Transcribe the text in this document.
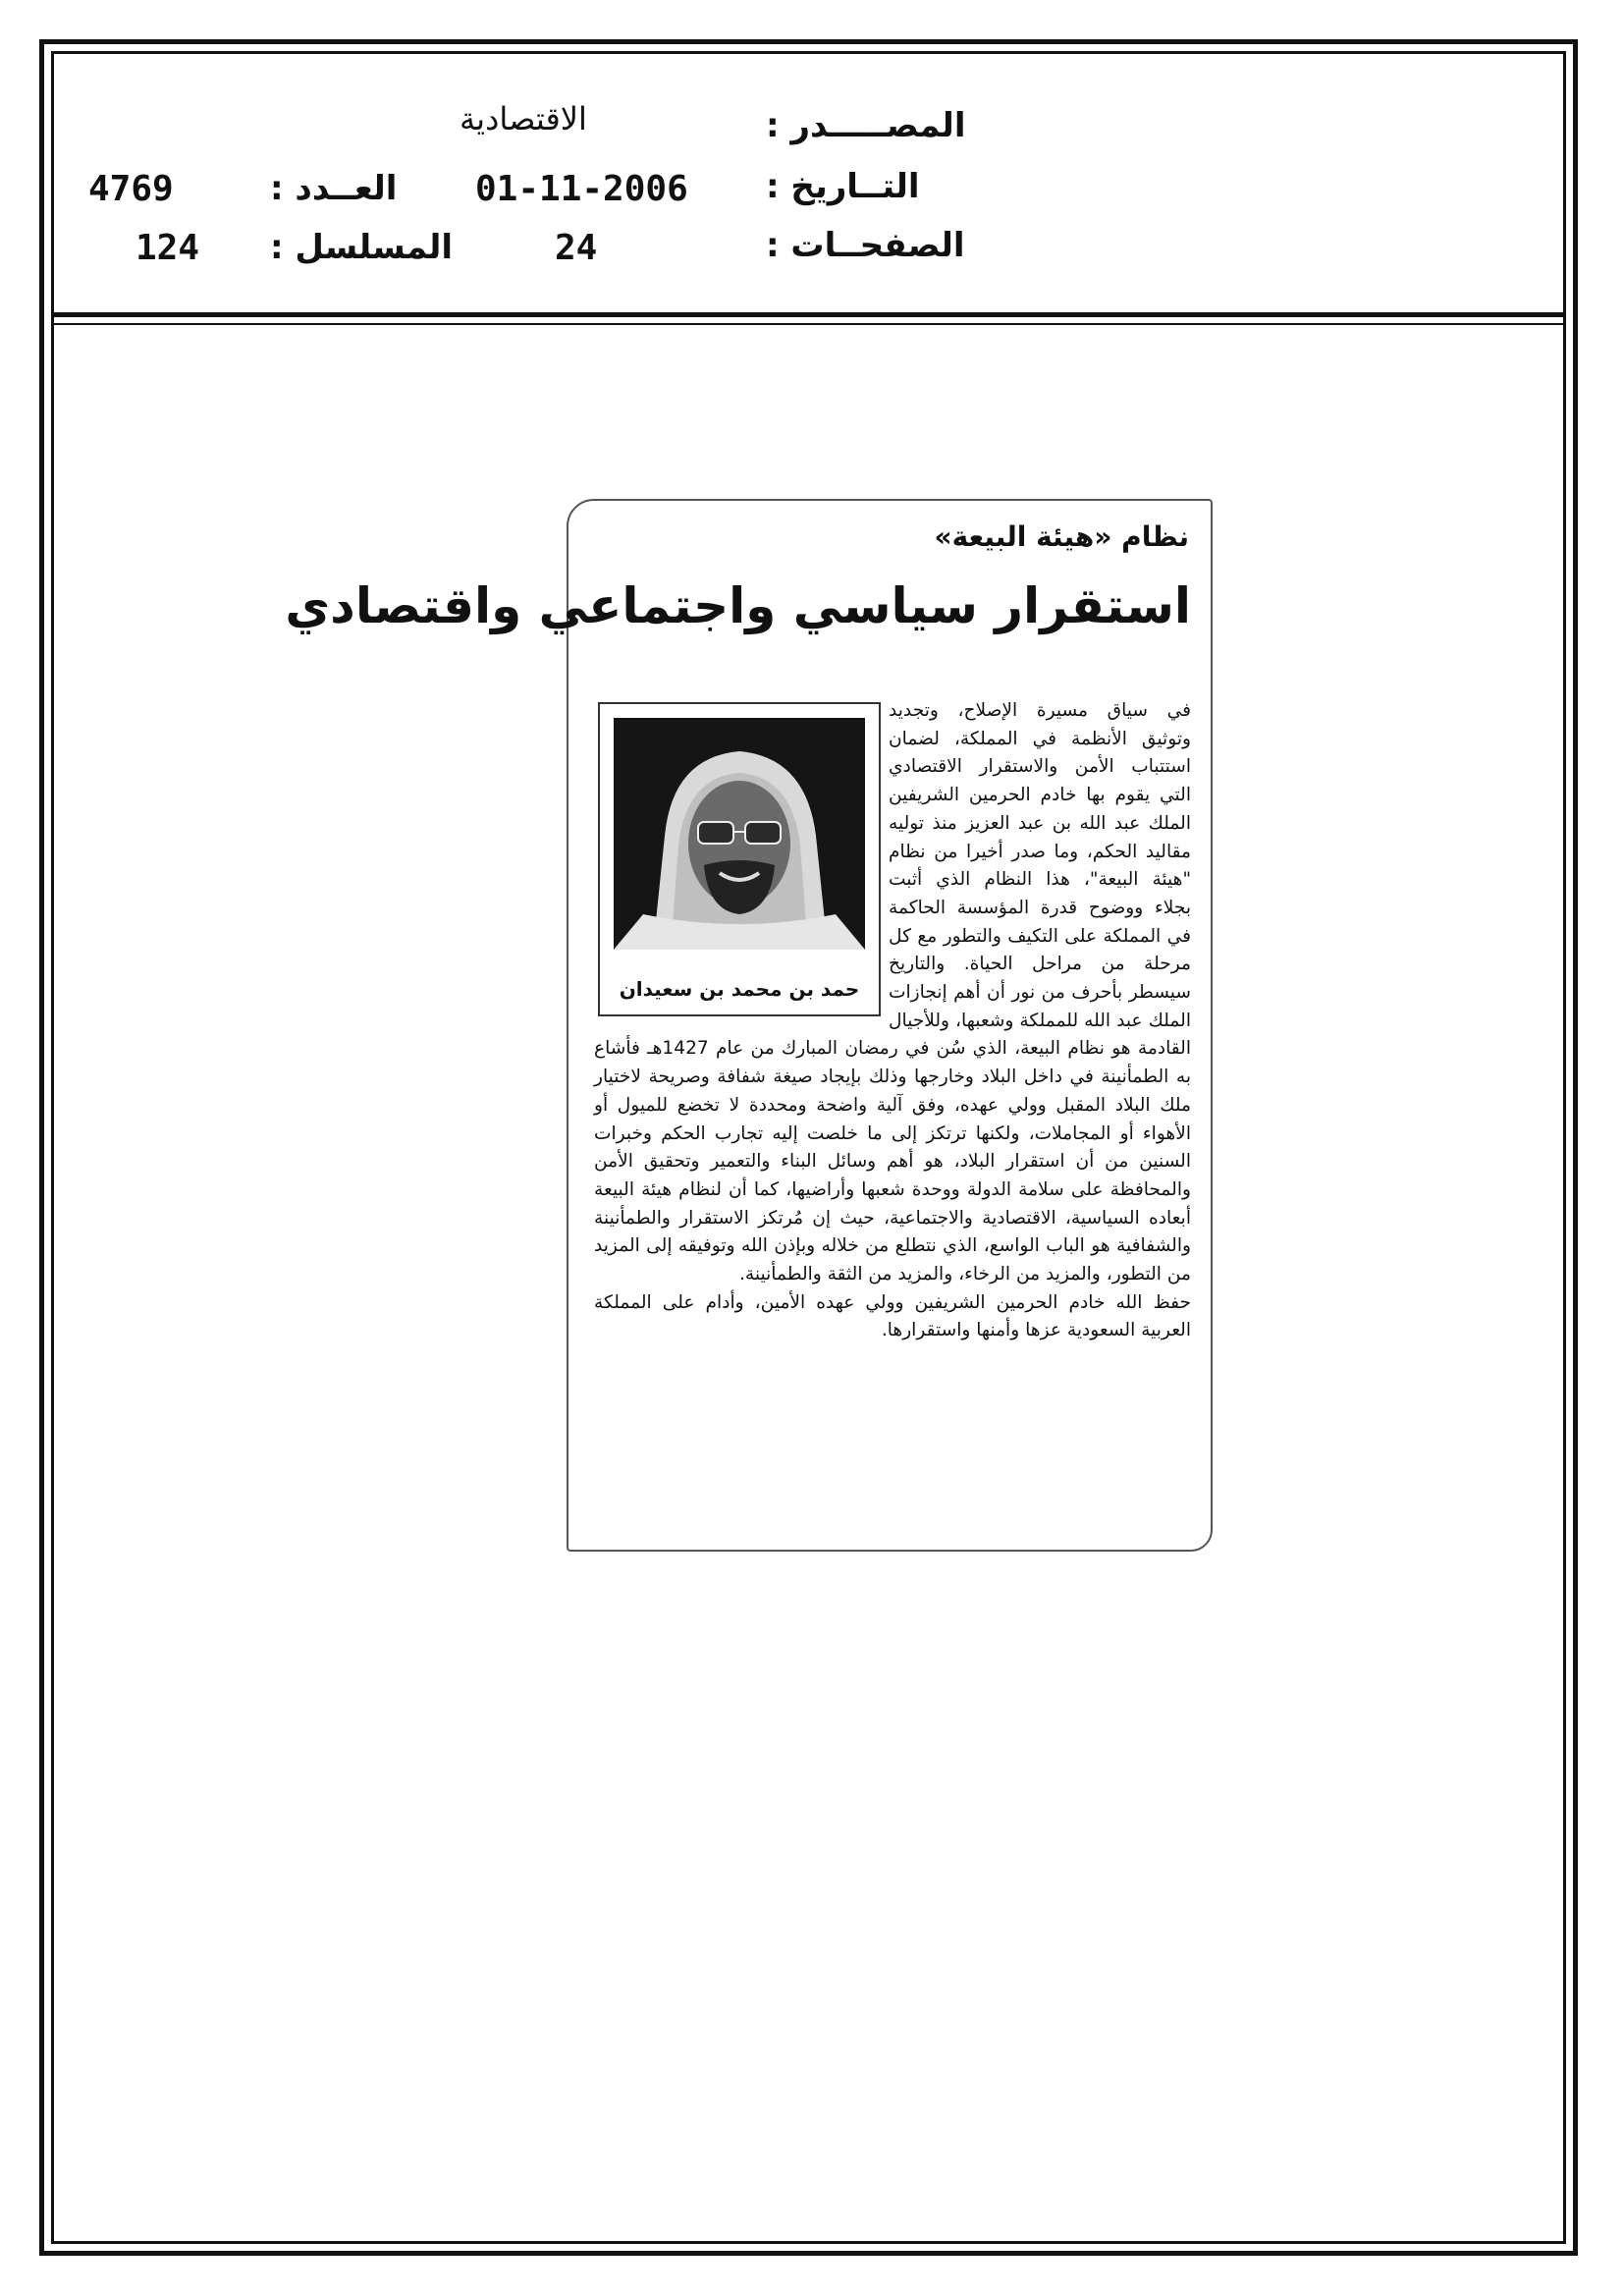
المصـــــدر :
الاقتصادية
التــاريخ :
01-11-2006
العــدد :
4769
الصفحــات :
24
المسلسل :
124
نظام «هيئة البيعة»
استقرار سياسي واجتماعي واقتصادي

في سياق مسيرة الإصلاح، وتجديد وتوثيق الأنظمة في المملكة، لضمان استتباب الأمن والاستقرار الاقتصادي التي يقوم بها خادم الحرمين الشريفين الملك عبد الله بن عبد العزيز منذ توليه مقاليد الحكم، وما صدر أخيرا من نظام "هيئة البيعة"، هذا النظام الذي أثبت بجلاء ووضوح قدرة المؤسسة الحاكمة في المملكة على التكيف والتطور مع كل مرحلة من مراحل الحياة. والتاريخ سيسطر بأحرف من نور أن أهم إنجازات الملك عبد الله للمملكة وشعبها، وللأجيال القادمة هو نظام البيعة، الذي سُن في رمضان المبارك من عام 1427هـ فأشاع به الطمأنينة في داخل البلاد وخارجها وذلك بإيجاد صيغة شفافة وصريحة لاختيار ملك البلاد المقبل وولي عهده، وفق آلية واضحة ومحددة لا تخضع للميول أو الأهواء أو المجاملات، ولكنها ترتكز إلى ما خلصت إليه تجارب الحكم وخبرات السنين من أن استقرار البلاد، هو أهم وسائل البناء والتعمير وتحقيق الأمن والمحافظة على سلامة الدولة ووحدة شعبها وأراضيها، كما أن لنظام هيئة البيعة أبعاده السياسية، الاقتصادية والاجتماعية، حيث إن مُرتكز الاستقرار والطمأنينة والشفافية هو الباب الواسع، الذي نتطلع من خلاله وبإذن الله وتوفيقه إلى المزيد من التطور، والمزيد من الرخاء، والمزيد من الثقة والطمأنينة.

حفظ الله خادم الحرمين الشريفين وولي عهده الأمين، وأدام على المملكة العربية السعودية عزها وأمنها واستقرارها.

حمد بن محمد بن سعيدان
